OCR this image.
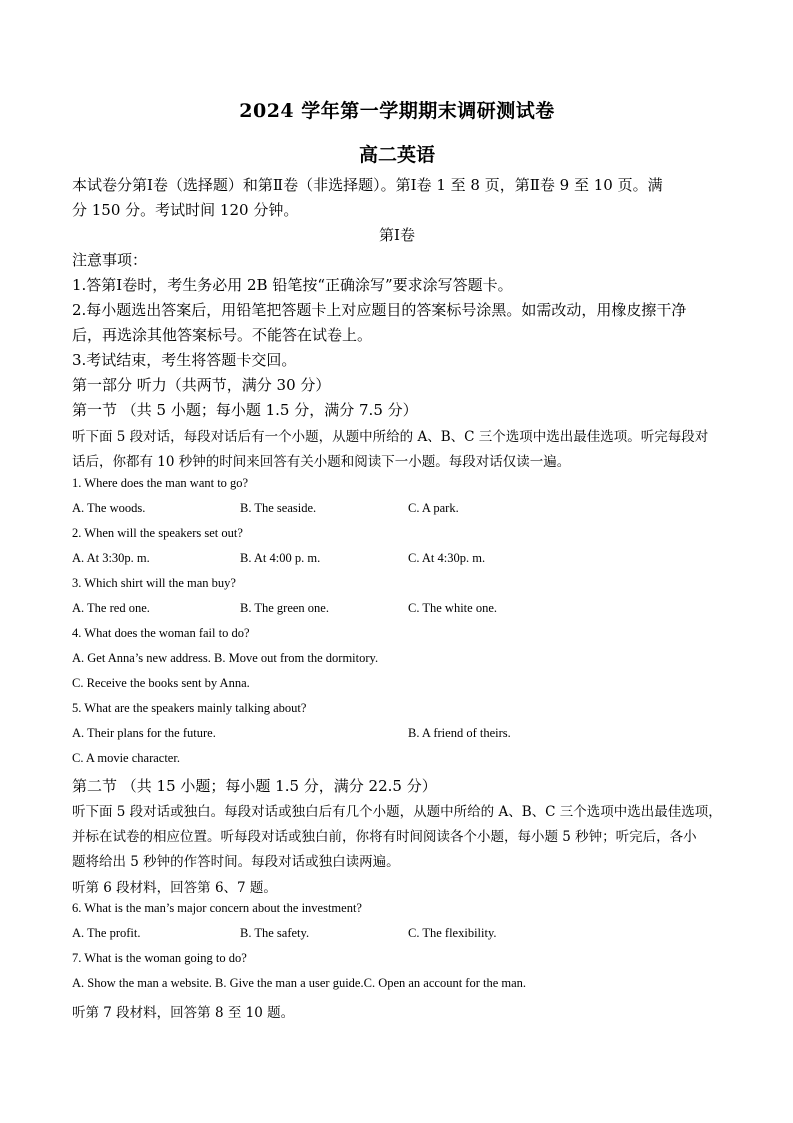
2024 学年第一学期期末调研测试卷
高二英语
本试卷分第Ⅰ卷（选择题）和第Ⅱ卷（非选择题）。第Ⅰ卷 1 至 8 页，第Ⅱ卷 9 至 10 页。满
分 150 分。考试时间 120 分钟。
第Ⅰ卷
注意事项：
1.答第Ⅰ卷时，考生务必用 2B 铅笔按“正确涂写”要求涂写答题卡。
2.每小题选出答案后，用铅笔把答题卡上对应题目的答案标号涂黑。如需改动，用橡皮擦干净
后，再选涂其他答案标号。不能答在试卷上。
3.考试结束，考生将答题卡交回。
第一部分 听力（共两节，满分 30 分）
第一节 （共 5 小题；每小题 1.5 分，满分 7.5 分）
听下面 5 段对话，每段对话后有一个小题，从题中所给的 A、B、C 三个选项中选出最佳选项。听完每段对
话后，你都有 10 秒钟的时间来回答有关小题和阅读下一小题。每段对话仅读一遍。
1. Where does the man want to go?
A. The woods.	B. The seaside.	C. A park.
2. When will the speakers set out?
A. At 3:30p. m.	B. At 4:00 p. m.	C. At 4:30p. m.
3. Which shirt will the man buy?
A. The red one.	B. The green one.	C. The white one.
4. What does the woman fail to do?
A. Get Anna’s new address. B. Move out from the dormitory.
C. Receive the books sent by Anna.
5. What are the speakers mainly talking about?
A. Their plans for the future.	B. A friend of theirs.
C. A movie character.
第二节 （共 15 小题；每小题 1.5 分，满分 22.5 分）
听下面 5 段对话或独白。每段对话或独白后有几个小题，从题中所给的 A、B、C 三个选项中选出最佳选项，
并标在试卷的相应位置。听每段对话或独白前，你将有时间阅读各个小题，每小题 5 秒钟；听完后，各小
题将给出 5 秒钟的作答时间。每段对话或独白读两遍。
听第 6 段材料，回答第 6、7 题。
6. What is the man’s major concern about the investment?
A. The profit.	B. The safety.	C. The flexibility.
7. What is the woman going to do?
A. Show the man a website. B. Give the man a user guide.C. Open an account for the man.
听第 7 段材料，回答第 8 至 10 题。
